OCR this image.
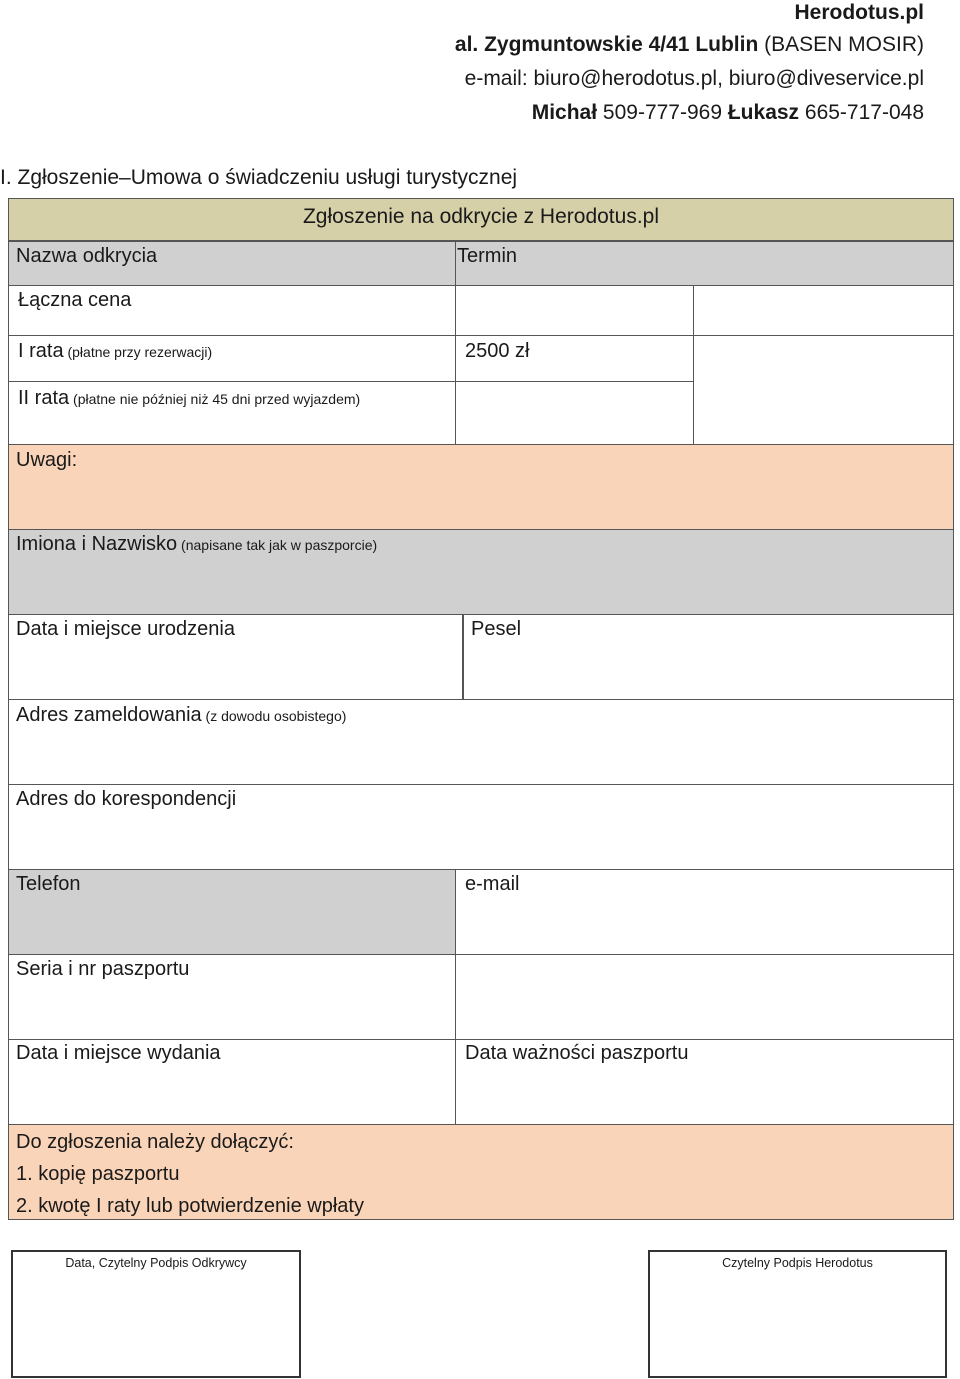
Herodotus.pl
al. Zygmuntowskie 4/41 Lublin (BASEN MOSIR)
e-mail: biuro@herodotus.pl, biuro@diveservice.pl
Michał 509-777-969 Łukasz 665-717-048
I. Zgłoszenie–Umowa o świadczeniu usługi turystycznej
Zgłoszenie na odkrycie z Herodotus.pl
Nazwa odkrycia	Termin
Łączna cena
I rata (płatne przy rezerwacji)	2500 zł
II rata (płatne nie później niż 45 dni przed wyjazdem)
Uwagi:
Imiona i Nazwisko (napisane tak jak w paszporcie)
Data i miejsce urodzenia	Pesel
Adres zameldowania (z dowodu osobistego)
Adres do korespondencji
Telefon	e-mail
Seria i nr paszportu
Data i miejsce wydania	Data ważności paszportu
Do zgłoszenia należy dołączyć:
1. kopię paszportu
2. kwotę I raty lub potwierdzenie wpłaty
Data, Czytelny Podpis Odkrywcy	Czytelny Podpis Herodotus
